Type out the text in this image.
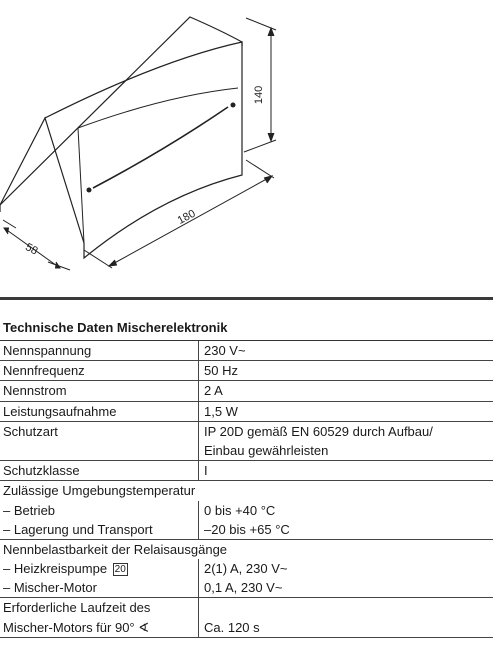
140
180
58
Technische Daten Mischerelektronik
Nennspannung	230 V~
Nennfrequenz	50 Hz
Nennstrom	2 A
Leistungsaufnahme	1,5 W
Schutzart	IP 20D gemäß EN 60529 durch Aufbau/
	Einbau gewährleisten
Schutzklasse	I
Zulässige Umgebungstemperatur	
– Betrieb	0 bis +40 °C
– Lagerung und Transport	–20 bis +65 °C
Nennbelastbarkeit der Relaisausgänge	
– Heizkreispumpe 20	2(1) A, 230 V~
– Mischer-Motor	0,1 A, 230 V~
Erforderliche Laufzeit des	
Mischer-Motors für 90° ∢	Ca. 120 s
